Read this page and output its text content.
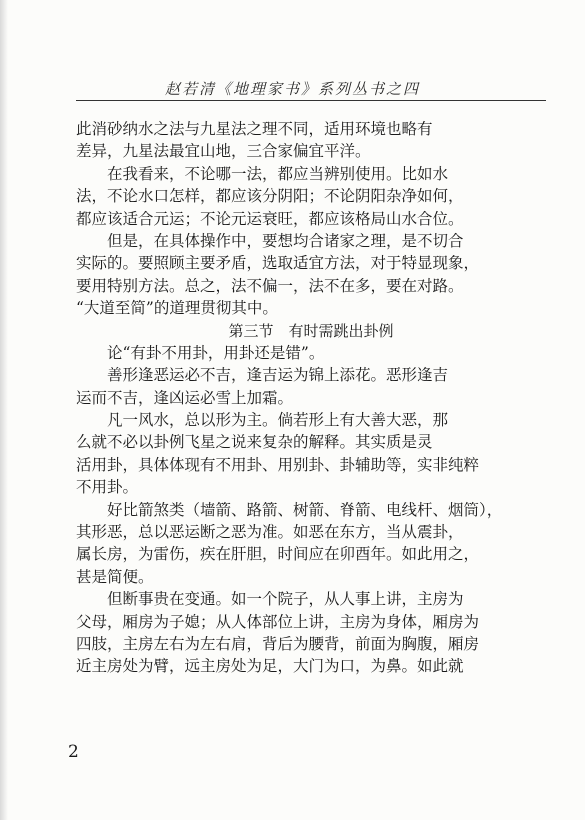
赵若清《地理家书》系列丛书之四
此消砂纳水之法与九星法之理不同，适用环境也略有
差异，九星法最宜山地，三合家偏宜平洋。
在我看来，不论哪一法，都应当辨别使用。比如水
法，不论水口怎样，都应该分阴阳；不论阴阳杂净如何，
都应该适合元运；不论元运衰旺，都应该格局山水合位。
但是，在具体操作中，要想均合诸家之理，是不切合
实际的。要照顾主要矛盾，选取适宜方法，对于特显现象，
要用特别方法。总之，法不偏一，法不在多，要在对路。
“大道至简”的道理贯彻其中。
第三节　有时需跳出卦例
论“有卦不用卦，用卦还是错”。
善形逢恶运必不吉，逢吉运为锦上添花。恶形逢吉
运而不吉，逢凶运必雪上加霜。
凡一风水，总以形为主。倘若形上有大善大恶，那
么就不必以卦例飞星之说来复杂的解释。其实质是灵
活用卦，具体体现有不用卦、用别卦、卦辅助等，实非纯粹
不用卦。
好比箭煞类（墙箭、路箭、树箭、脊箭、电线杆、烟筒），
其形恶，总以恶运断之恶为准。如恶在东方，当从震卦，
属长房，为雷伤，疾在肝胆，时间应在卯酉年。如此用之，
甚是简便。
但断事贵在变通。如一个院子，从人事上讲，主房为
父母，厢房为子媳；从人体部位上讲，主房为身体，厢房为
四肢，主房左右为左右肩，背后为腰背，前面为胸腹，厢房
近主房处为臂，远主房处为足，大门为口，为鼻。如此就
2
